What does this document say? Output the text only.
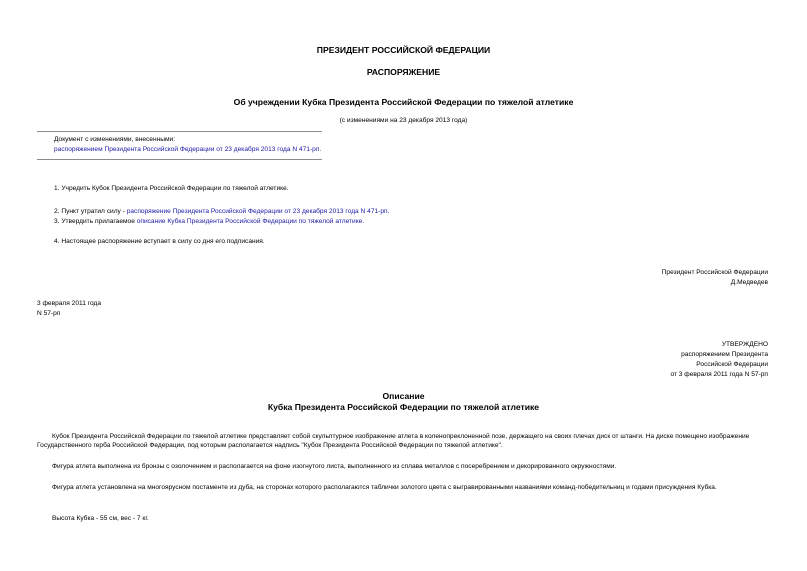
ПРЕЗИДЕНТ РОССИЙСКОЙ ФЕДЕРАЦИИ
РАСПОРЯЖЕНИЕ
Об учреждении Кубка Президента Российской Федерации по тяжелой атлетике
(с изменениями на 23 декабря 2013 года)
Документ с изменениями, внесенными:
распоряжением Президента Российской Федерации от 23 декабря 2013 года N 471-рп.
1. Учредить Кубок Президента Российской Федерации по тяжелой атлетике.
2. Пункт утратил силу - распоряжение Президента Российской Федерации от 23 декабря 2013 года N 471-рп.
3. Утвердить прилагаемое описание Кубка Президента Российской Федерации по тяжелой атлетике.
4. Настоящее распоряжение вступает в силу со дня его подписания.
Президент Российской Федерации
Д.Медведев
3 февраля 2011 года
N 57-рп
УТВЕРЖДЕНО
распоряжением Президента
Российской Федерации
от 3 февраля 2011 года N 57-рп
Описание
Кубка Президента Российской Федерации по тяжелой атлетике
Кубок Президента Российской Федерации по тяжелой атлетике представляет собой скульптурное изображение атлета в коленопреклоненной позе, держащего на своих плечах диск от штанги. На диске помещено изображение Государственного герба Российской Федерации, под которым располагается надпись "Кубок Президента Российской Федерации по тяжелой атлетике".
Фигура атлета выполнена из бронзы с озолочением и располагается на фоне изогнутого листа, выполненного из сплава металлов с посеребрением и декорированного окружностями.
Фигура атлета установлена на многоярусном постаменте из дуба, на сторонах которого располагаются таблички золотого цвета с выгравированными названиями команд-победительниц и годами присуждения Кубка.
Высота Кубка - 55 см, вес - 7 кг.
